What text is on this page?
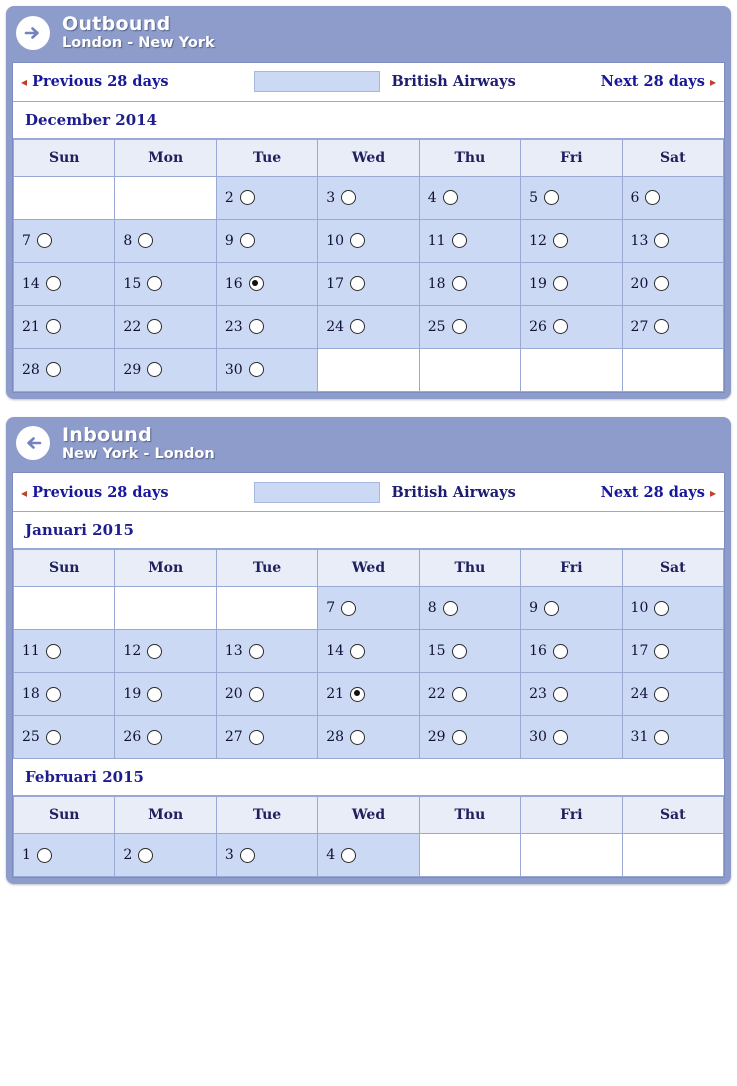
Outbound
London - New York
◂ Previous 28 days	British Airways	Next 28 days ▸
December 2014
Sun	Mon	Tue	Wed	Thu	Fri	Sat

		2	3	4	5	6

7	8	9	10	11	12	13

14	15	16	17	18	19	20

21	22	23	24	25	26	27

28	29	30				

Inbound
New York - London
◂ Previous 28 days	British Airways	Next 28 days ▸
Januari 2015
Sun	Mon	Tue	Wed	Thu	Fri	Sat

			7	8	9	10

11	12	13	14	15	16	17

18	19	20	21	22	23	24

25	26	27	28	29	30	31
Februari 2015
Sun	Mon	Tue	Wed	Thu	Fri	Sat

1	2	3	4			
